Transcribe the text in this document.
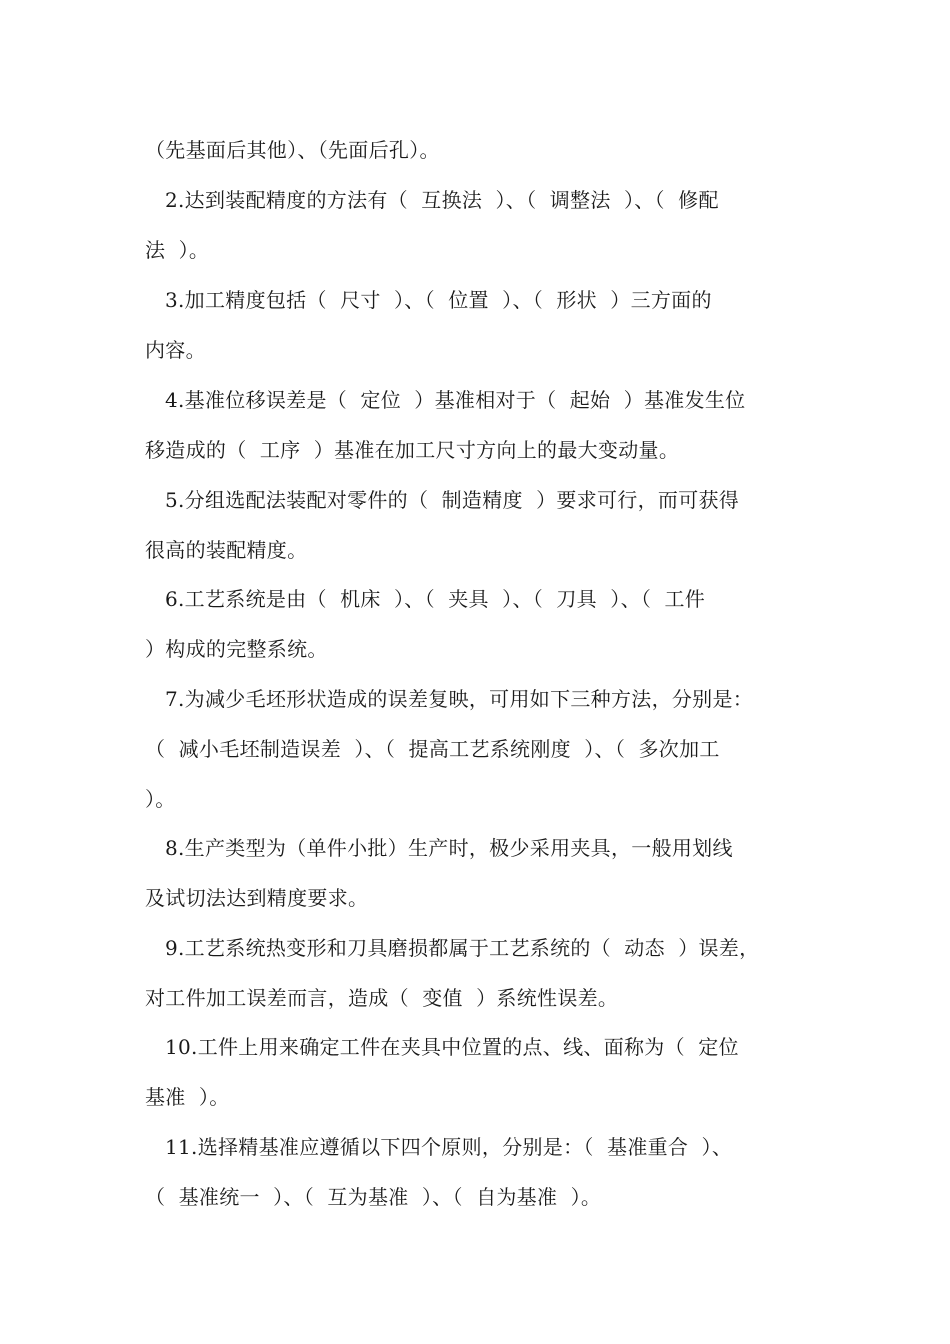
（先基面后其他）、（先面后孔）。
2.达到装配精度的方法有（  互换法  ）、（  调整法  ）、（  修配
法  ）。
3.加工精度包括（  尺寸  ）、（  位置  ）、（  形状  ）三方面的
内容。
4.基准位移误差是（  定位  ）基准相对于（  起始  ）基准发生位
移造成的（  工序  ）基准在加工尺寸方向上的最大变动量。
5.分组选配法装配对零件的（  制造精度  ）要求可行，而可获得
很高的装配精度。
6.工艺系统是由（  机床  ）、（  夹具  ）、（  刀具  ）、（  工件
）构成的完整系统。
7.为减少毛坯形状造成的误差复映，可用如下三种方法，分别是：
（  减小毛坯制造误差  ）、（  提高工艺系统刚度  ）、（  多次加工
）。
8.生产类型为（单件小批）生产时，极少采用夹具，一般用划线
及试切法达到精度要求。
9.工艺系统热变形和刀具磨损都属于工艺系统的（  动态  ）误差，
对工件加工误差而言，造成（  变值  ）系统性误差。
10.工件上用来确定工件在夹具中位置的点、线、面称为（  定位
基准  ）。
11.选择精基准应遵循以下四个原则，分别是：（  基准重合  ）、
（  基准统一  ）、（  互为基准  ）、（  自为基准  ）。
